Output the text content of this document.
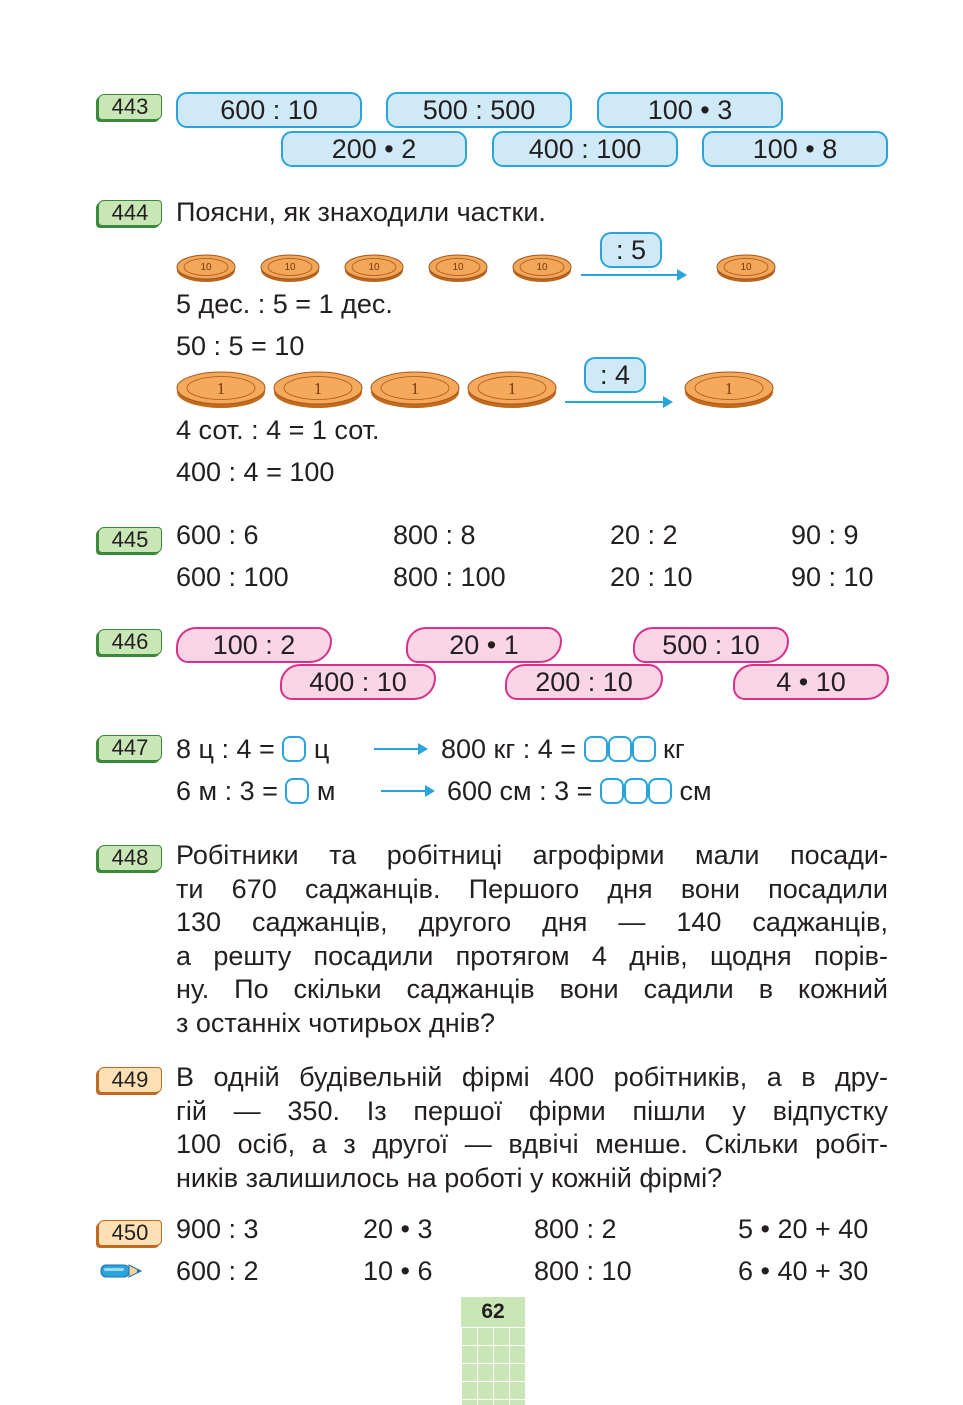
443	600 : 10	500 : 500	100 • 3
200 • 2	400 : 100	100 • 8
444	Поясни, як знаходили частки.
10	10	10	10	10
: 5
10
5 дес. : 5 = 1 дес.
50 : 5 = 10
1	1	1	1	: 4	1
4 сот. : 4 = 1 сот.
400 : 4 = 100
445	600 : 6	800 : 8	20 : 2	90 : 9
600 : 100	800 : 100	20 : 10	90 : 10
446	100 : 2	20 • 1	500 : 10
400 : 10	200 : 10	4 • 10
447	8 ц : 4 = ц	800 кг : 4 =	кг
6 м : 3 = м	600 см : 3 =	см
448	Робітники та робітниці агрофірми мали посади-
ти 670 саджанців. Першого дня вони посадили
130 саджанців, другого дня — 140 саджанців,
а решту посадили протягом 4 днів, щодня порів-
ну. По скільки саджанців вони садили в кожний
з останніх чотирьох днів?
449	В одній будівельній фірмі 400 робітників, а в дру-
гій — 350. Із першої фірми пішли у відпустку
100 осіб, а з другої — вдвічі менше. Скільки робіт-
ників залишилось на роботі у кожній фірмі?
450	900 : 3	20 • 3	800 : 2	5 • 20 + 40
600 : 2	10 • 6	800 : 10	6 • 40 + 30
62
